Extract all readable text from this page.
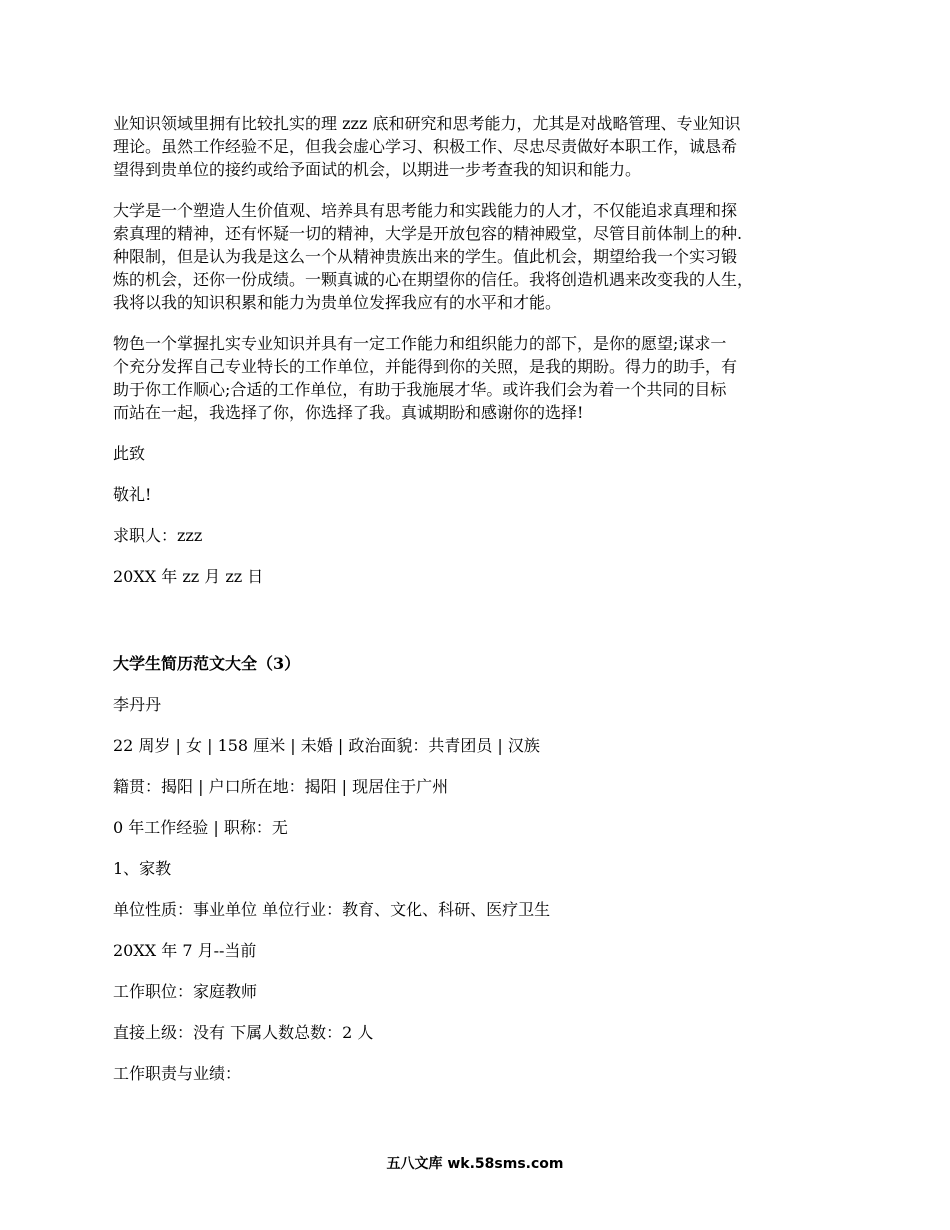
业知识领域里拥有比较扎实的理 zzz 底和研究和思考能力，尤其是对战略管理、专业知识
理论。虽然工作经验不足，但我会虚心学习、积极工作、尽忠尽责做好本职工作，诚恳希
望得到贵单位的接约或给予面试的机会，以期进一步考查我的知识和能力。
大学是一个塑造人生价值观、培养具有思考能力和实践能力的人才，不仅能追求真理和探
索真理的精神，还有怀疑一切的精神，大学是开放包容的精神殿堂，尽管目前体制上的种.
种限制，但是认为我是这么一个从精神贵族出来的学生。值此机会，期望给我一个实习锻
炼的机会，还你一份成绩。一颗真诚的心在期望你的信任。我将创造机遇来改变我的人生，
我将以我的知识积累和能力为贵单位发挥我应有的水平和才能。
物色一个掌握扎实专业知识并具有一定工作能力和组织能力的部下，是你的愿望;谋求一
个充分发挥自己专业特长的工作单位，并能得到你的关照，是我的期盼。得力的助手，有
助于你工作顺心;合适的工作单位，有助于我施展才华。或许我们会为着一个共同的目标
而站在一起，我选择了你，你选择了我。真诚期盼和感谢你的选择!

此致

敬礼!

求职人：zzz

20XX 年 zz 月 zz 日

大学生简历范文大全（3）

李丹丹

22 周岁 | 女 | 158 厘米 | 未婚 | 政治面貌：共青团员 | 汉族

籍贯：揭阳 | 户口所在地：揭阳 | 现居住于广州

0 年工作经验 | 职称：无

1、家教

单位性质：事业单位 单位行业：教育、文化、科研、医疗卫生

20XX 年 7 月--当前

工作职位：家庭教师

直接上级：没有 下属人数总数：2 人

工作职责与业绩：

五八文库 wk.58sms.com
